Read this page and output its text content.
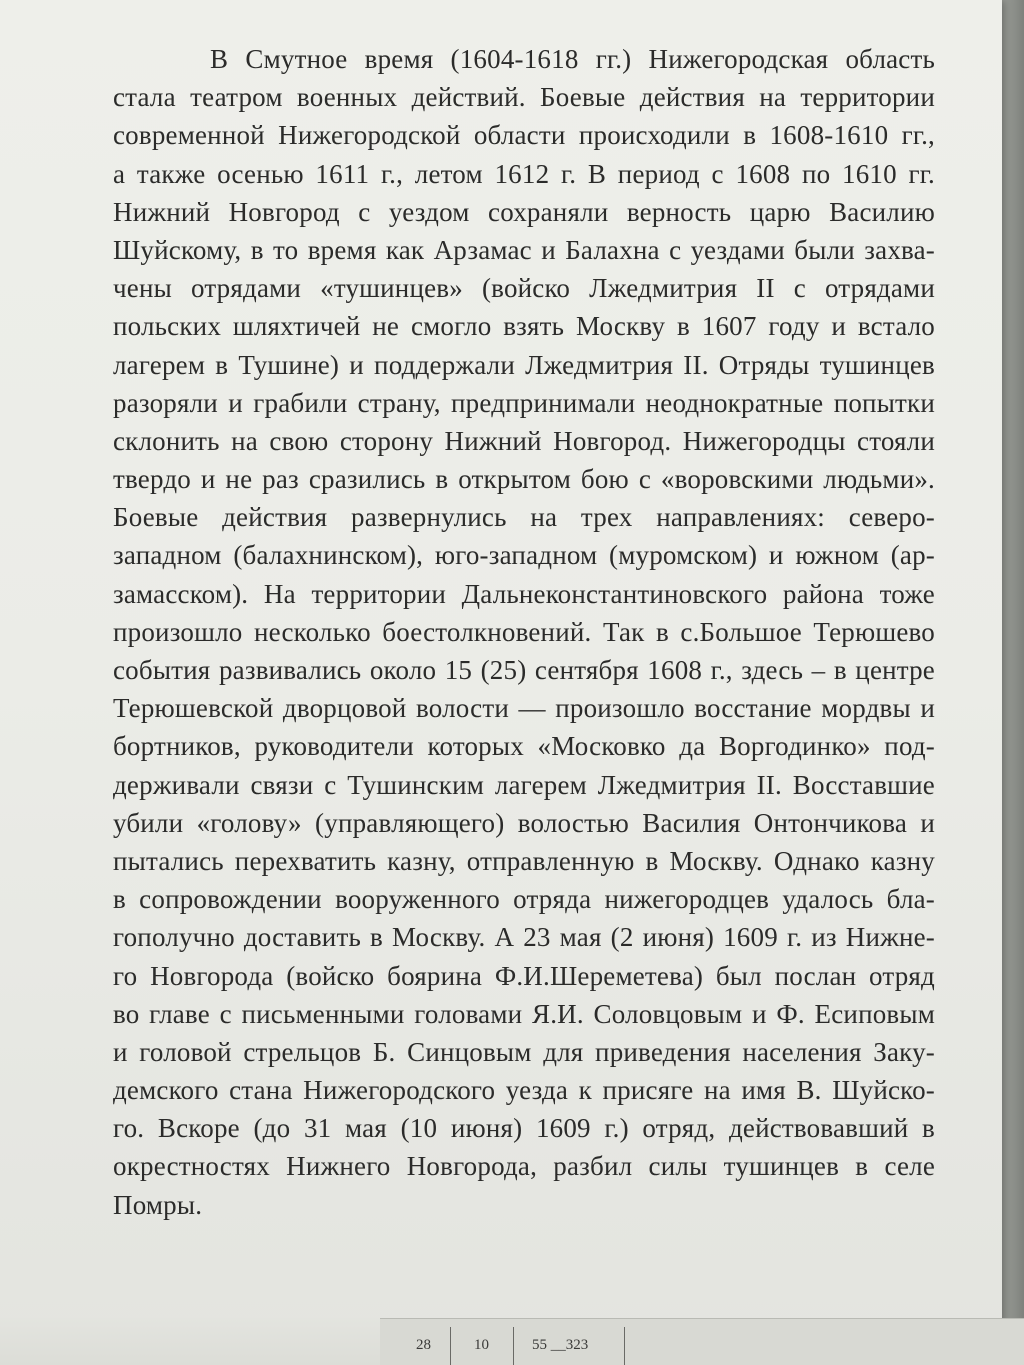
В Смутное время (1604-1618 гг.) Нижегородская область
стала театром военных действий. Боевые действия на территории
современной Нижегородской области происходили в 1608-1610 гг.,
а также осенью 1611 г., летом 1612 г. В период с 1608 по 1610 гг.
Нижний Новгород с уездом сохраняли верность царю Василию
Шуйскому, в то время как Арзамас и Балахна с уездами были захва-
чены отрядами «тушинцев» (войско Лжедмитрия II с отрядами
польских шляхтичей не смогло взять Москву в 1607 году и встало
лагерем в Тушине) и поддержали Лжедмитрия II. Отряды тушинцев
разоряли и грабили страну, предпринимали неоднократные попытки
склонить на свою сторону Нижний Новгород. Нижегородцы стояли
твердо и не раз сразились в открытом бою с «воровскими людьми».
Боевые действия развернулись на трех направлениях: северо-
западном (балахнинском), юго-западном (муромском) и южном (ар-
замасском). На территории Дальнеконстантиновского района тоже
произошло несколько боестолкновений. Так в с.Большое Терюшево
события развивались около 15 (25) сентября 1608 г., здесь – в центре
Терюшевской дворцовой волости — произошло восстание мордвы и
бортников, руководители которых «Московко да Воргодинко» под-
держивали связи с Тушинским лагерем Лжедмитрия II. Восставшие
убили «голову» (управляющего) волостью Василия Онтончикова и
пытались перехватить казну, отправленную в Москву. Однако казну
в сопровождении вооруженного отряда нижегородцев удалось бла-
гополучно доставить в Москву. А 23 мая (2 июня) 1609 г. из Нижне-
го Новгорода (войско боярина Ф.И.Шереметева) был послан отряд
во главе с письменными головами Я.И. Соловцовым и Ф. Есиповым
и головой стрельцов Б. Синцовым для приведения населения Заку-
демского стана Нижегородского уезда к присяге на имя В. Шуйско-
го. Вскоре (до 31 мая (10 июня) 1609 г.) отряд, действовавший в
окрестностях Нижнего Новгорода, разбил силы тушинцев в селе
Помры.
28	10	55 __323
